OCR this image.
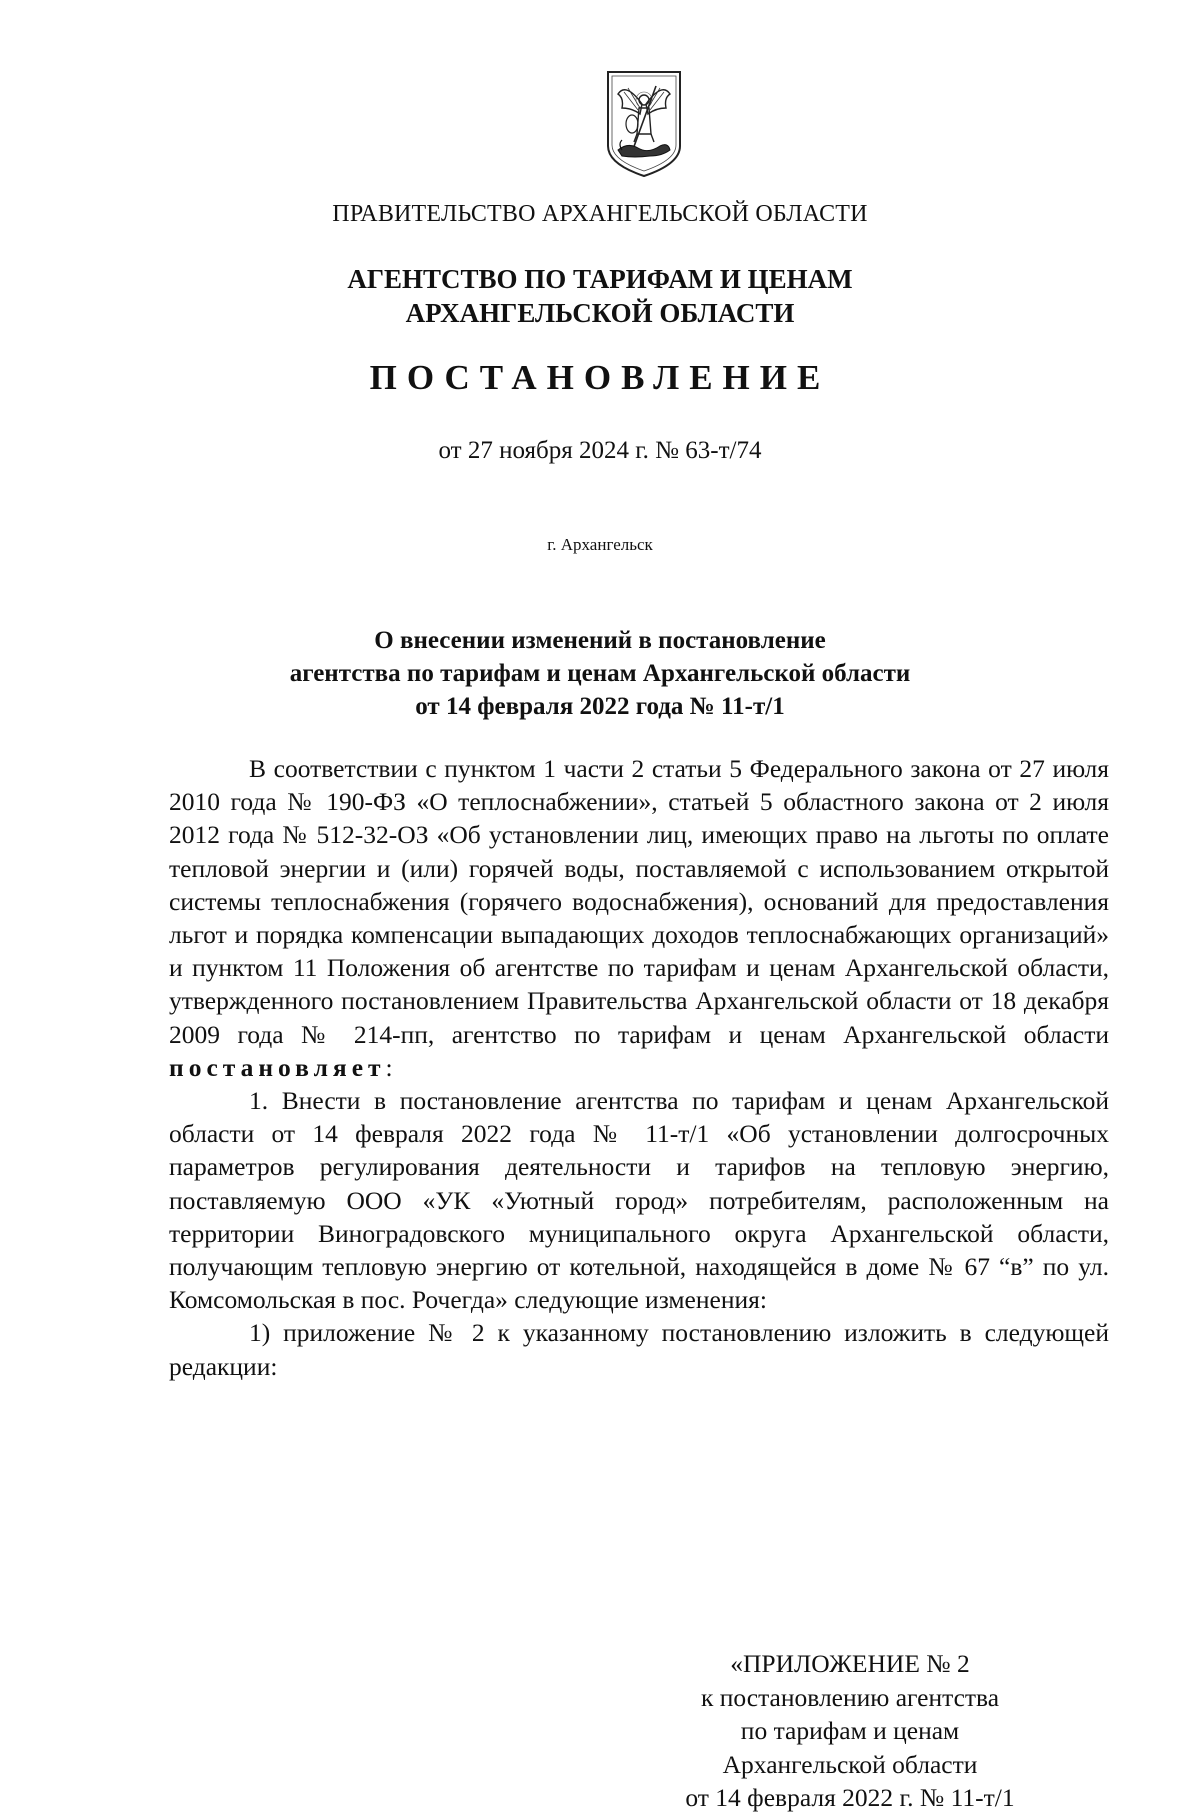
ПРАВИТЕЛЬСТВО АРХАНГЕЛЬСКОЙ ОБЛАСТИ
АГЕНТСТВО ПО ТАРИФАМ И ЦЕНАМ
АРХАНГЕЛЬСКОЙ ОБЛАСТИ
ПОСТАНОВЛЕНИЕ
от 27 ноября 2024 г. № 63-т/74
г. Архангельск
О внесении изменений в постановление
агентства по тарифам и ценам Архангельской области
от 14 февраля 2022 года № 11-т/1

В соответствии с пунктом 1 части 2 статьи 5 Федерального закона от 27 июля 2010 года № 190-ФЗ «О теплоснабжении», статьей 5 областного закона от 2 июля 2012 года № 512-32-ОЗ «Об установлении лиц, имеющих право на льготы по оплате тепловой энергии и (или) горячей воды, поставляемой с использованием открытой системы теплоснабжения (горячего водоснабжения), оснований для предоставления льгот и порядка компенсации выпадающих доходов теплоснабжающих организаций» и пунктом 11 Положения об агентстве по тарифам и ценам Архангельской области, утвержденного постановлением Правительства Архангельской области от 18 декабря 2009 года № 214-пп, агентство по тарифам и ценам Архангельской области постановляет:

1. Внести в постановление агентства по тарифам и ценам Архангельской области от 14 февраля 2022 года № 11-т/1 «Об установлении долгосрочных параметров регулирования деятельности и тарифов на тепловую энергию, поставляемую ООО «УК «Уютный город» потребителям, расположенным на территории Виноградовского муниципального округа Архангельской области, получающим тепловую энергию от котельной, находящейся в доме № 67 “в” по ул. Комсомольская в пос. Рочегда» следующие изменения:

1) приложение № 2 к указанному постановлению изложить в следующей редакции:

«ПРИЛОЖЕНИЕ № 2
к постановлению агентства
по тарифам и ценам
Архангельской области
от 14 февраля 2022 г. № 11-т/1
